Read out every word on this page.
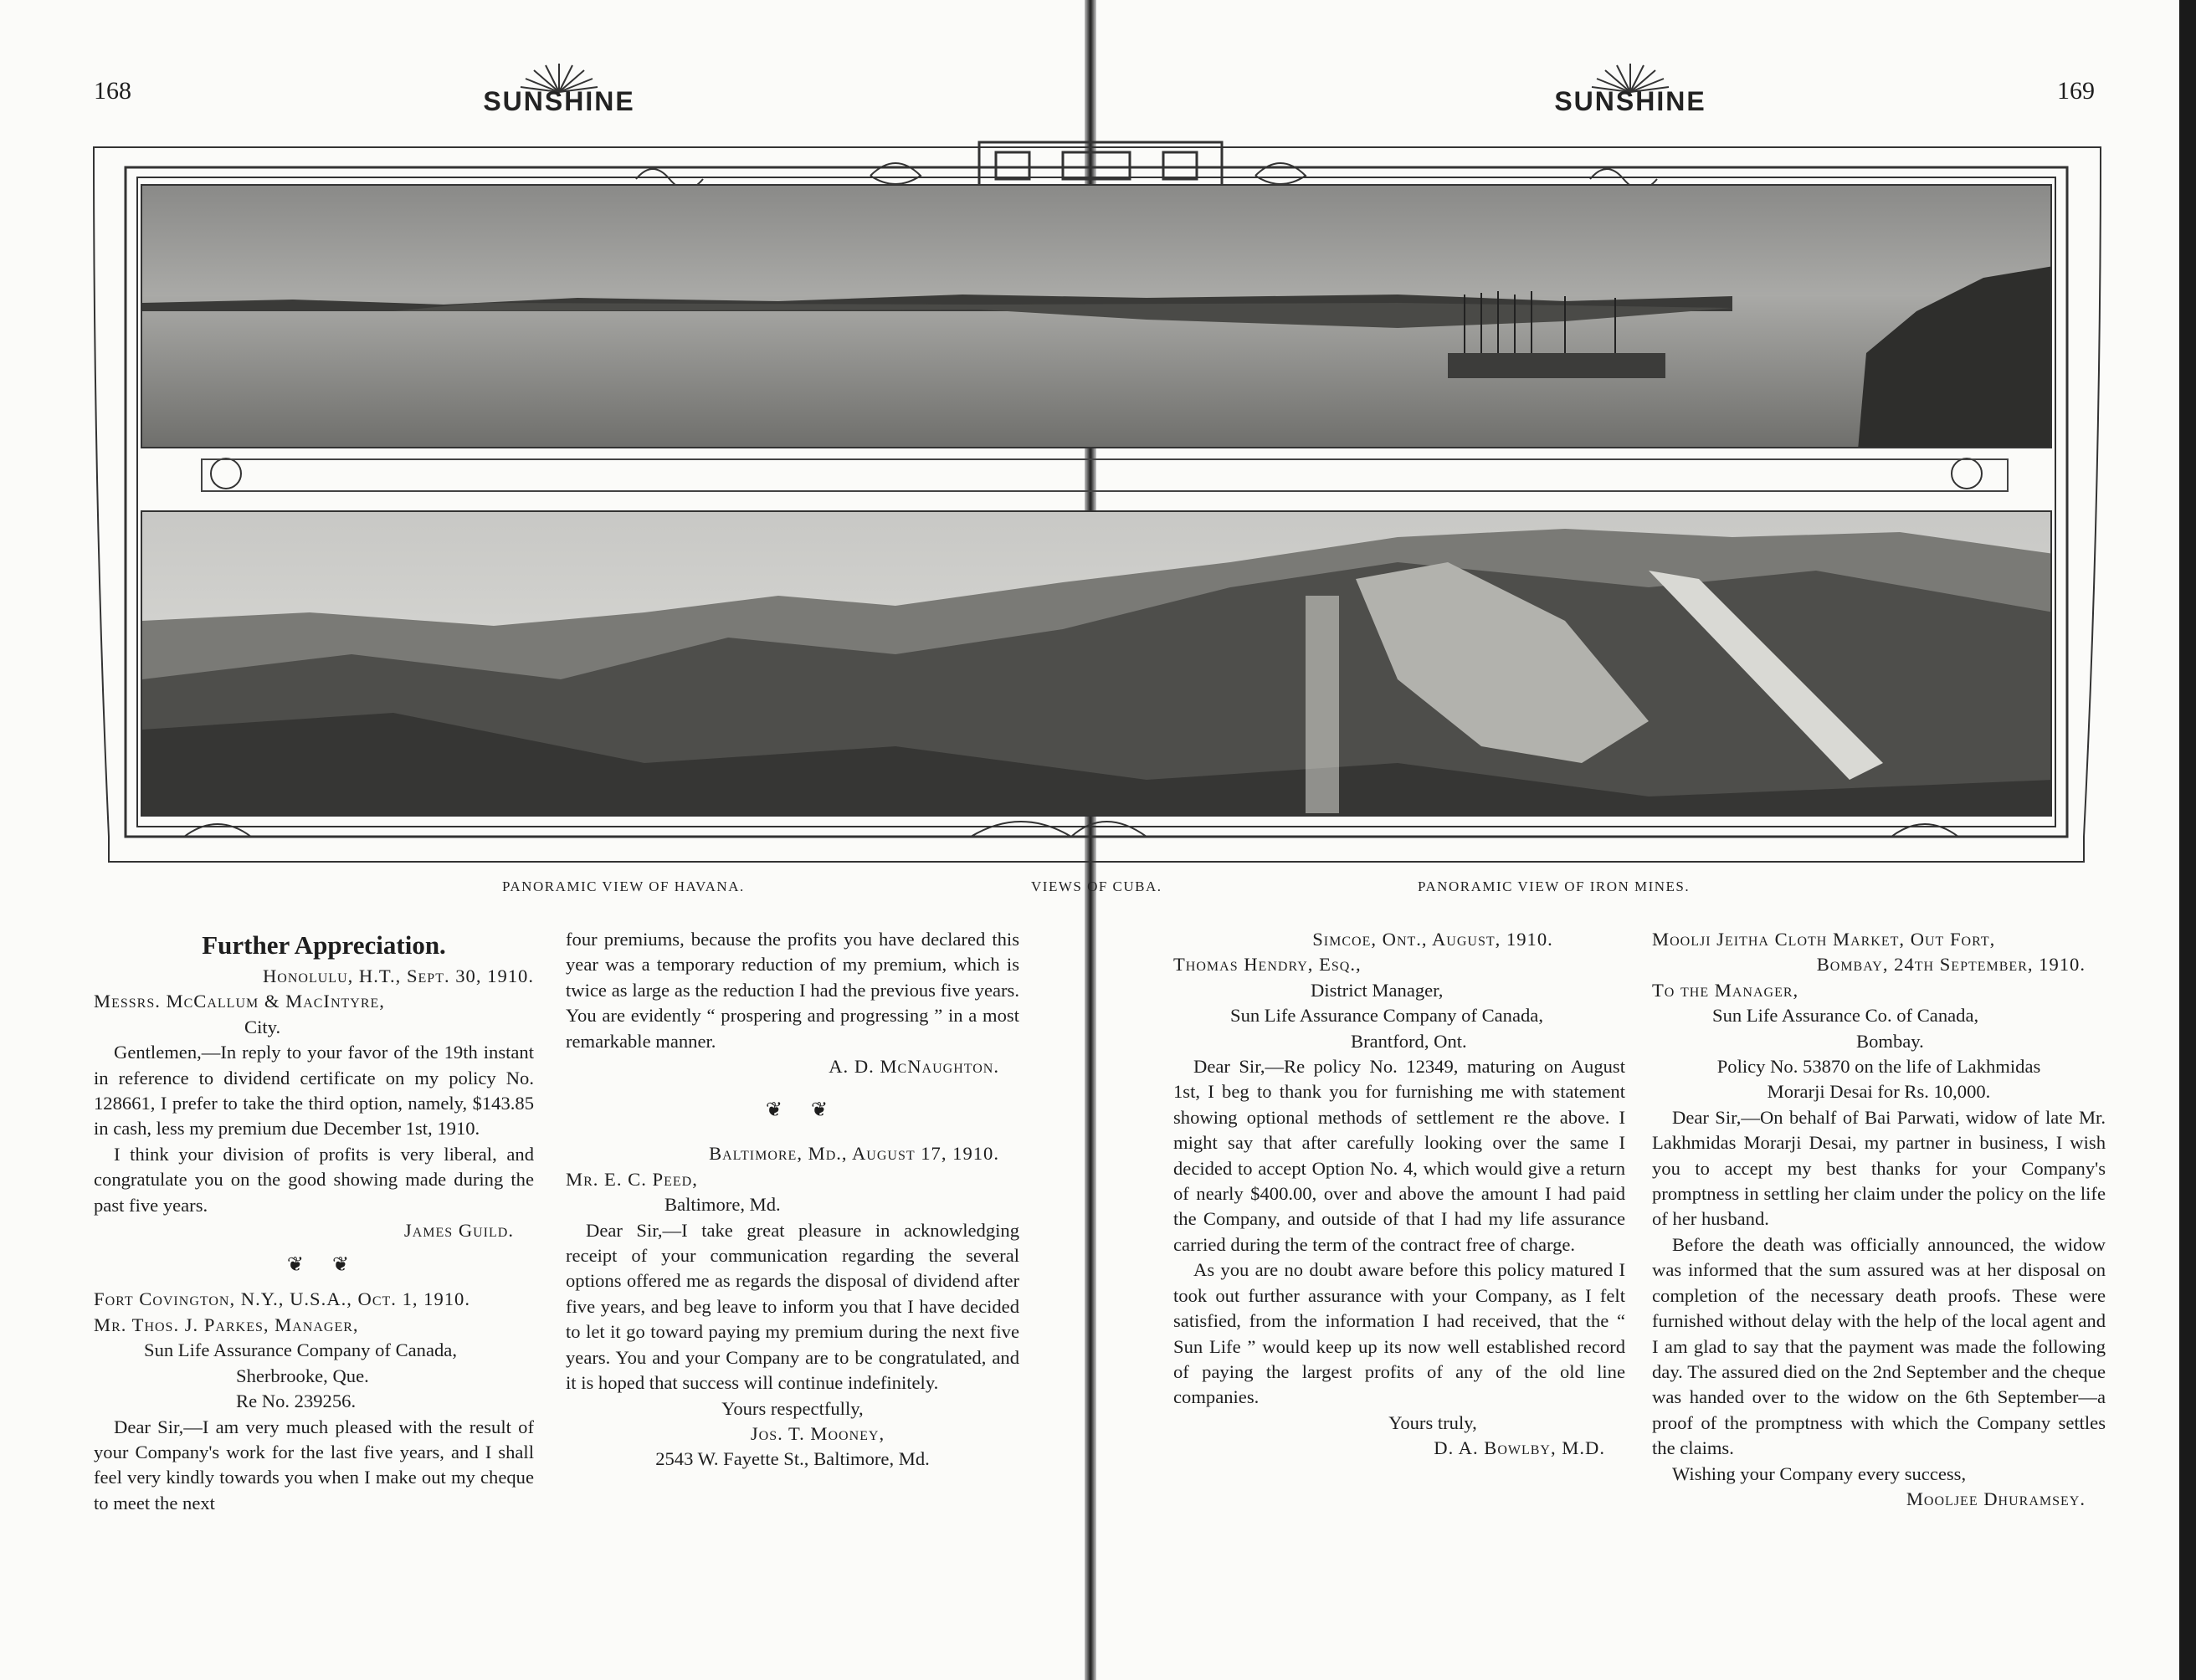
168	169
SUNSHINE	SUNSHINE
PANORAMIC VIEW OF HAVANA.	VIEWS OF CUBA.	PANORAMIC VIEW OF IRON MINES.

Further Appreciation.

Honolulu, H.T., Sept. 30, 1910.

Messrs. McCallum & MacIntyre,

City.

Gentlemen,—In reply to your favor of the 19th instant in reference to dividend certificate on my policy No. 128661, I prefer to take the third option, namely, $143.85 in cash, less my premium due December 1st, 1910.

I think your division of profits is very liberal, and congratulate you on the good showing made during the past five years.

James Guild.

❦ ❦

Fort Covington, N.Y., U.S.A., Oct. 1, 1910.

Mr. Thos. J. Parkes, Manager,

Sun Life Assurance Company of Canada,

Sherbrooke, Que.

Re No. 239256.

Dear Sir,—I am very much pleased with the result of your Company's work for the last five years, and I shall feel very kindly towards you when I make out my cheque to meet the next

four premiums, because the profits you have declared this year was a temporary reduction of my premium, which is twice as large as the reduction I had the previous five years. You are evidently “ prospering and progressing ” in a most remarkable manner.

A. D. McNaughton.

❦ ❦

Baltimore, Md., August 17, 1910.

Mr. E. C. Peed,

Baltimore, Md.

Dear Sir,—I take great pleasure in acknowledging receipt of your communication regarding the several options offered me as regards the disposal of dividend after five years, and beg leave to inform you that I have decided to let it go toward paying my premium during the next five years. You and your Company are to be congratulated, and it is hoped that success will continue indefinitely.

Yours respectfully,

Jos. T. Mooney,

2543 W. Fayette St., Baltimore, Md.

Simcoe, Ont., August, 1910.

Thomas Hendry, Esq.,

District Manager,

Sun Life Assurance Company of Canada,

Brantford, Ont.

Dear Sir,—Re policy No. 12349, maturing on August 1st, I beg to thank you for furnishing me with statement showing optional methods of settlement re the above. I might say that after carefully looking over the same I decided to accept Option No. 4, which would give a return of nearly $400.00, over and above the amount I had paid the Company, and outside of that I had my life assurance carried during the term of the contract free of charge.

As you are no doubt aware before this policy matured I took out further assurance with your Company, as I felt satisfied, from the information I had received, that the “ Sun Life ” would keep up its now well established record of paying the largest profits of any of the old line companies.

Yours truly,

D. A. Bowlby, M.D.

Moolji Jeitha Cloth Market, Out Fort,

Bombay, 24th September, 1910.

To the Manager,

Sun Life Assurance Co. of Canada,

Bombay.

Policy No. 53870 on the life of Lakhmidas

Morarji Desai for Rs. 10,000.

Dear Sir,—On behalf of Bai Parwati, widow of late Mr. Lakhmidas Morarji Desai, my partner in business, I wish you to accept my best thanks for your Company's promptness in settling her claim under the policy on the life of her husband.

Before the death was officially announced, the widow was informed that the sum assured was at her disposal on completion of the necessary death proofs. These were furnished without delay with the help of the local agent and I am glad to say that the payment was made the following day. The assured died on the 2nd September and the cheque was handed over to the widow on the 6th September—a proof of the promptness with which the Company settles the claims.

Wishing your Company every success,

Mooljee Dhuramsey.
